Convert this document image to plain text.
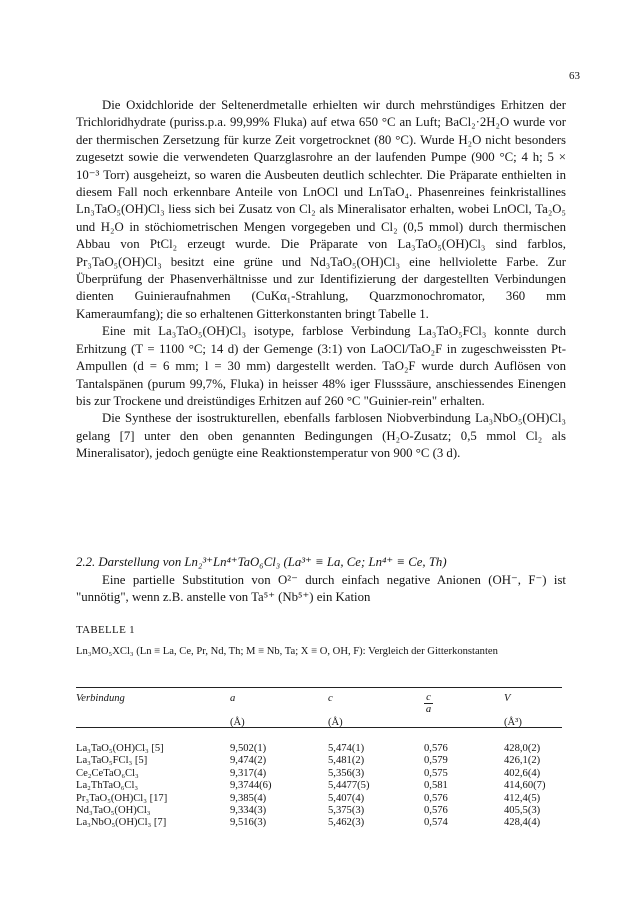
63

Die Oxidchloride der Seltenerdmetalle erhielten wir durch mehrstündiges Erhitzen der Trichloridhydrate (puriss.p.a. 99,99% Fluka) auf etwa 650 °C an Luft; BaCl₂·2H₂O wurde vor der thermischen Zersetzung für kurze Zeit vorgetrocknet (80 °C). Wurde H₂O nicht besonders zugesetzt sowie die verwendeten Quarzglasrohre an der laufenden Pumpe (900 °C; 4 h; 5 × 10⁻³ Torr) ausgeheizt, so waren die Ausbeuten deutlich schlechter. Die Präparate enthielten in diesem Fall noch erkennbare Anteile von LnOCl und LnTaO₄. Phasenreines feinkristallines Ln₃TaO₅(OH)Cl₃ liess sich bei Zusatz von Cl₂ als Mineralisator erhalten, wobei LnOCl, Ta₂O₅ und H₂O in stöchiometrischen Mengen vorgegeben und Cl₂ (0,5 mmol) durch thermischen Abbau von PtCl₂ erzeugt wurde. Die Präparate von La₃TaO₅(OH)Cl₃ sind farblos, Pr₃TaO₅(OH)Cl₃ besitzt eine grüne und Nd₃TaO₅(OH)Cl₃ eine hellviolette Farbe. Zur Überprüfung der Phasenverhältnisse und zur Identifizierung der dargestellten Verbindungen dienten Guinieraufnahmen (CuKα₁-Strahlung, Quarzmonochromator, 360 mm Kameraumfang); die so erhaltenen Gitterkonstanten bringt Tabelle 1.

Eine mit La₃TaO₅(OH)Cl₃ isotype, farblose Verbindung La₃TaO₅FCl₃ konnte durch Erhitzung (T = 1100 °C; 14 d) der Gemenge (3:1) von LaOCl/TaO₂F in zugeschweissten Pt-Ampullen (d = 6 mm; l = 30 mm) dargestellt werden. TaO₂F wurde durch Auflösen von Tantalspänen (purum 99,7%, Fluka) in heisser 48% iger Flusssäure, anschiessendes Einengen bis zur Trockene und dreistündiges Erhitzen auf 260 °C "Guinier-rein" erhalten.

Die Synthese der isostrukturellen, ebenfalls farblosen Niobverbindung La₃NbO₅(OH)Cl₃ gelang [7] unter den oben genannten Bedingungen (H₂O-Zusatz; 0,5 mmol Cl₂ als Mineralisator), jedoch genügte eine Reaktionstemperatur von 900 °C (3 d).

2.2. Darstellung von Ln₂³⁺Ln⁴⁺TaO₆Cl₃ (La³⁺ ≡ La, Ce; Ln⁴⁺ ≡ Ce, Th)

Eine partielle Substitution von O²⁻ durch einfach negative Anionen (OH⁻, F⁻) ist "unnötig", wenn z.B. anstelle von Ta⁵⁺ (Nb⁵⁺) ein Kation

TABELLE 1
Ln₃MO₅XCl₃ (Ln ≡ La, Ce, Pr, Nd, Th; M ≡ Nb, Ta; X ≡ O, OH, F): Vergleich der Gitterkonstanten
Verbindung	a	c	$\frac{c}{a}$	V
	(Å)	(Å)		(Å³)
La₃TaO₅(OH)Cl₃ [5]	9,502(1)	5,474(1)	0,576	428,0(2)
La₃TaO₅FCl₃ [5]	9,474(2)	5,481(2)	0,579	426,1(2)
Ce₂CeTaO₆Cl₃	9,317(4)	5,356(3)	0,575	402,6(4)
La₂ThTaO₆Cl₃	9,3744(6)	5,4477(5)	0,581	414,60(7)
Pr₃TaO₅(OH)Cl₃ [17]	9,385(4)	5,407(4)	0,576	412,4(5)
Nd₃TaO₅(OH)Cl₃	9,334(3)	5,375(3)	0,576	405,5(3)
La₃NbO₅(OH)Cl₃ [7]	9,516(3)	5,462(3)	0,574	428,4(4)
